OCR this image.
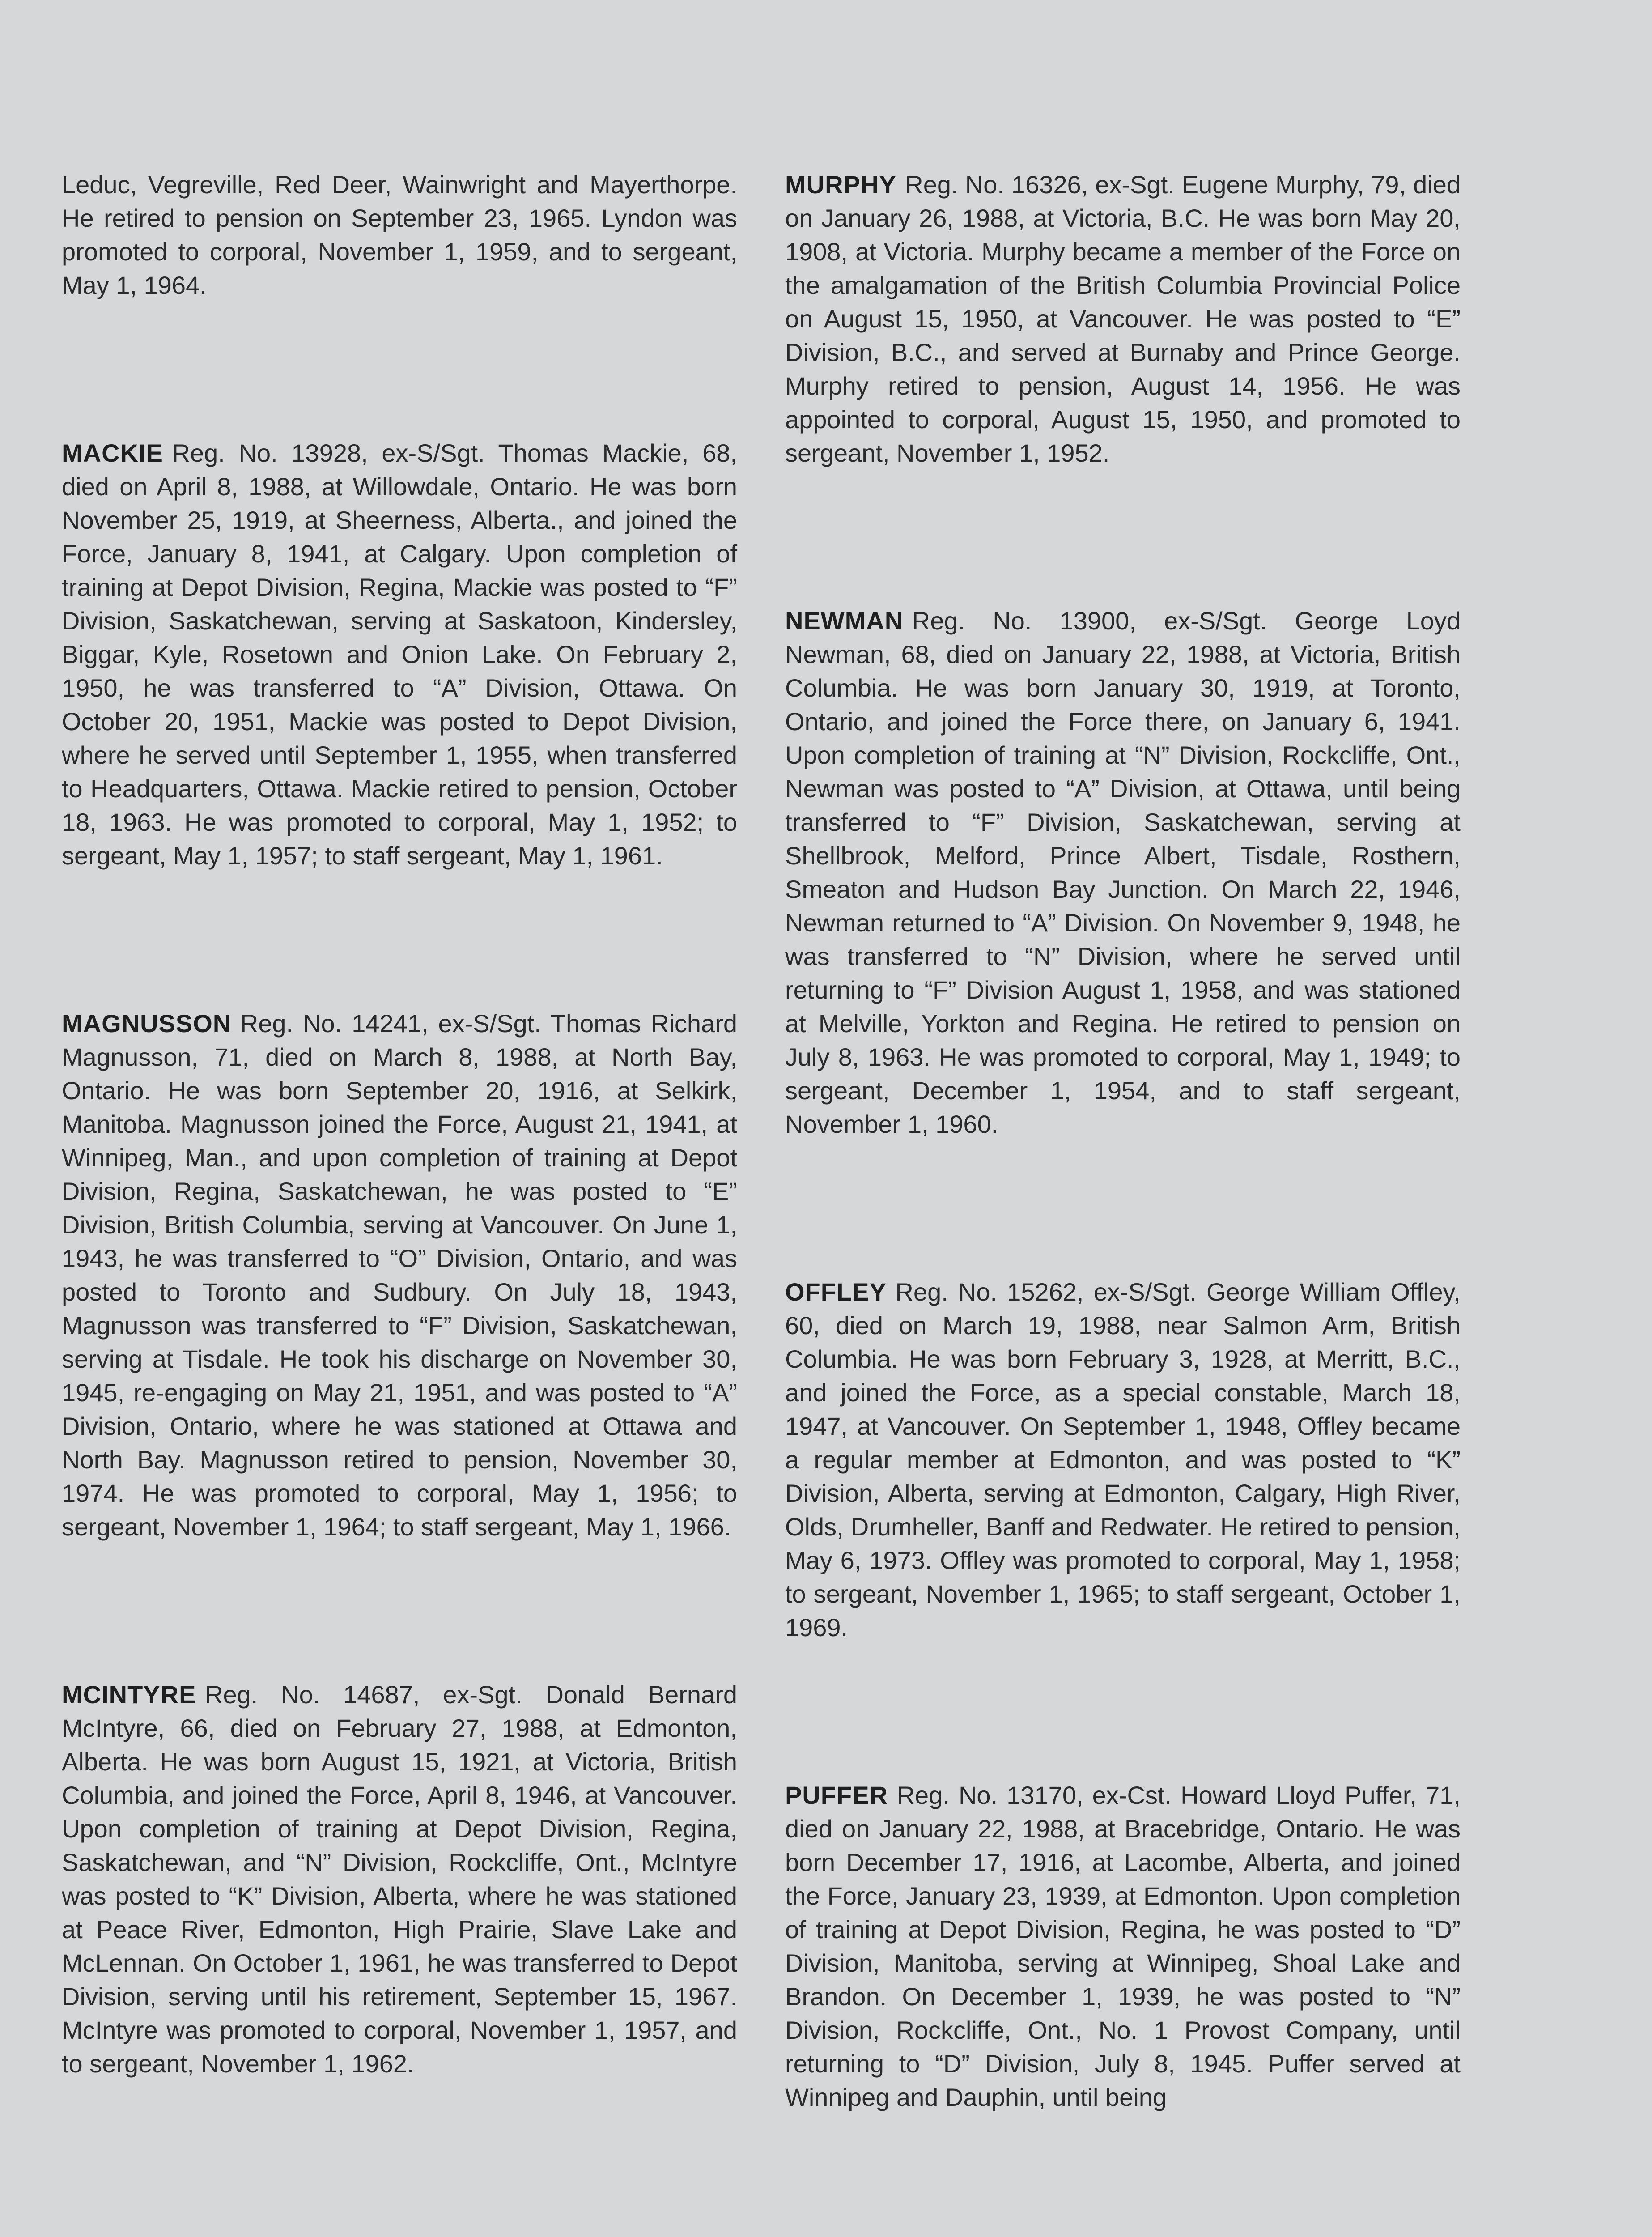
Leduc, Vegreville, Red Deer, Wainwright and Mayerthorpe. He retired to pension on September 23, 1965. Lyndon was promoted to corporal, November 1, 1959, and to sergeant, May 1, 1964.

MACKIE Reg. No. 13928, ex-S/Sgt. Thomas Mackie, 68, died on April 8, 1988, at Willowdale, Ontario. He was born November 25, 1919, at Sheerness, Alberta., and joined the Force, January 8, 1941, at Calgary. Upon completion of training at Depot Division, Regina, Mackie was posted to “F” Division, Saskatchewan, serving at Saskatoon, Kindersley, Biggar, Kyle, Rosetown and Onion Lake. On February 2, 1950, he was transferred to “A” Division, Ottawa. On October 20, 1951, Mackie was posted to Depot Division, where he served until September 1, 1955, when transferred to Headquarters, Ottawa. Mackie retired to pension, October 18, 1963. He was promoted to corporal, May 1, 1952; to sergeant, May 1, 1957; to staff sergeant, May 1, 1961.

MAGNUSSON Reg. No. 14241, ex-S/Sgt. Thomas Richard Magnusson, 71, died on March 8, 1988, at North Bay, Ontario. He was born September 20, 1916, at Selkirk, Manitoba. Magnusson joined the Force, August 21, 1941, at Winnipeg, Man., and upon completion of training at Depot Division, Regina, Saskatchewan, he was posted to “E” Division, British Columbia, serving at Vancouver. On June 1, 1943, he was transferred to “O” Division, Ontario, and was posted to Toronto and Sudbury. On July 18, 1943, Magnusson was transferred to “F” Division, Saskatchewan, serving at Tisdale. He took his discharge on November 30, 1945, re-engaging on May 21, 1951, and was posted to “A” Division, Ontario, where he was stationed at Ottawa and North Bay. Magnusson retired to pension, November 30, 1974. He was promoted to corporal, May 1, 1956; to sergeant, November 1, 1964; to staff sergeant, May 1, 1966.

MCINTYRE Reg. No. 14687, ex-Sgt. Donald Bernard McIntyre, 66, died on February 27, 1988, at Edmonton, Alberta. He was born August 15, 1921, at Victoria, British Columbia, and joined the Force, April 8, 1946, at Vancouver. Upon completion of training at Depot Division, Regina, Saskatchewan, and “N” Division, Rockcliffe, Ont., McIntyre was posted to “K” Division, Alberta, where he was stationed at Peace River, Edmonton, High Prairie, Slave Lake and McLennan. On October 1, 1961, he was transferred to Depot Division, serving until his retirement, September 15, 1967. McIntyre was promoted to corporal, November 1, 1957, and to sergeant, November 1, 1962.

MURPHY Reg. No. 16326, ex-Sgt. Eugene Murphy, 79, died on January 26, 1988, at Victoria, B.C. He was born May 20, 1908, at Victoria. Murphy became a member of the Force on the amalgamation of the British Columbia Provincial Police on August 15, 1950, at Vancouver. He was posted to “E” Division, B.C., and served at Burnaby and Prince George. Murphy retired to pension, August 14, 1956. He was appointed to corporal, August 15, 1950, and promoted to sergeant, November 1, 1952.

NEWMAN Reg. No. 13900, ex-S/Sgt. George Loyd Newman, 68, died on January 22, 1988, at Victoria, British Columbia. He was born January 30, 1919, at Toronto, Ontario, and joined the Force there, on January 6, 1941. Upon completion of training at “N” Division, Rockcliffe, Ont., Newman was posted to “A” Division, at Ottawa, until being transferred to “F” Division, Saskatchewan, serving at Shellbrook, Melford, Prince Albert, Tisdale, Rosthern, Smeaton and Hudson Bay Junction. On March 22, 1946, Newman returned to “A” Division. On November 9, 1948, he was transferred to “N” Division, where he served until returning to “F” Division August 1, 1958, and was stationed at Melville, Yorkton and Regina. He retired to pension on July 8, 1963. He was promoted to corporal, May 1, 1949; to sergeant, December 1, 1954, and to staff sergeant, November 1, 1960.

OFFLEY Reg. No. 15262, ex-S/Sgt. George William Offley, 60, died on March 19, 1988, near Salmon Arm, British Columbia. He was born February 3, 1928, at Merritt, B.C., and joined the Force, as a special constable, March 18, 1947, at Vancouver. On September 1, 1948, Offley became a regular member at Edmonton, and was posted to “K” Division, Alberta, serving at Edmonton, Calgary, High River, Olds, Drumheller, Banff and Redwater. He retired to pension, May 6, 1973. Offley was promoted to corporal, May 1, 1958; to sergeant, November 1, 1965; to staff sergeant, October 1, 1969.

PUFFER Reg. No. 13170, ex-Cst. Howard Lloyd Puffer, 71, died on January 22, 1988, at Bracebridge, Ontario. He was born December 17, 1916, at Lacombe, Alberta, and joined the Force, January 23, 1939, at Edmonton. Upon completion of training at Depot Division, Regina, he was posted to “D” Division, Manitoba, serving at Winnipeg, Shoal Lake and Brandon. On December 1, 1939, he was posted to “N” Division, Rockcliffe, Ont., No. 1 Provost Company, until returning to “D” Division, July 8, 1945. Puffer served at Winnipeg and Dauphin, until being
